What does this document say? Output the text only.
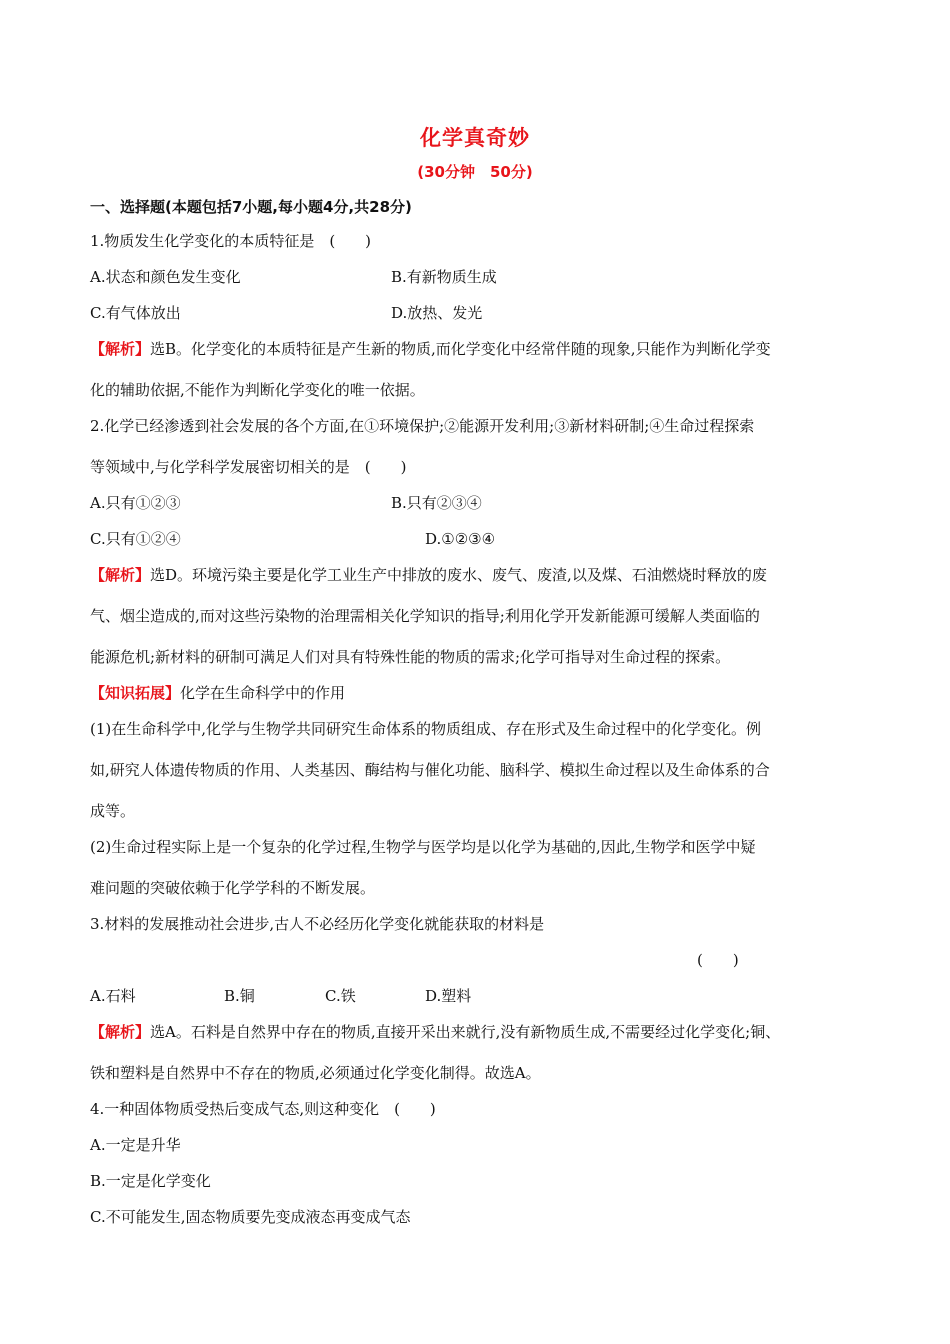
化学真奇妙
(30分钟　50分)
一、选择题(本题包括7小题,每小题4分,共28分)
1.物质发生化学变化的本质特征是　(　　)
A.状态和颜色发生变化	B.有新物质生成
C.有气体放出	D.放热、发光
【解析】选B。化学变化的本质特征是产生新的物质,而化学变化中经常伴随的现象,只能作为判断化学变
化的辅助依据,不能作为判断化学变化的唯一依据。
2.化学已经渗透到社会发展的各个方面,在①环境保护;②能源开发利用;③新材料研制;④生命过程探索
等领域中,与化学科学发展密切相关的是　(　　)
A.只有①②③	B.只有②③④
C.只有①②④	D.①②③④
【解析】选D。环境污染主要是化学工业生产中排放的废水、废气、废渣,以及煤、石油燃烧时释放的废
气、烟尘造成的,而对这些污染物的治理需相关化学知识的指导;利用化学开发新能源可缓解人类面临的
能源危机;新材料的研制可满足人们对具有特殊性能的物质的需求;化学可指导对生命过程的探索。
【知识拓展】化学在生命科学中的作用
(1)在生命科学中,化学与生物学共同研究生命体系的物质组成、存在形式及生命过程中的化学变化。例
如,研究人体遗传物质的作用、人类基因、酶结构与催化功能、脑科学、模拟生命过程以及生命体系的合
成等。
(2)生命过程实际上是一个复杂的化学过程,生物学与医学均是以化学为基础的,因此,生物学和医学中疑
难问题的突破依赖于化学学科的不断发展。
3.材料的发展推动社会进步,古人不必经历化学变化就能获取的材料是
(　　)
A.石料	B.铜	C.铁	D.塑料
【解析】选A。石料是自然界中存在的物质,直接开采出来就行,没有新物质生成,不需要经过化学变化;铜、
铁和塑料是自然界中不存在的物质,必须通过化学变化制得。故选A。
4.一种固体物质受热后变成气态,则这种变化　(　　)
A.一定是升华
B.一定是化学变化
C.不可能发生,固态物质要先变成液态再变成气态
